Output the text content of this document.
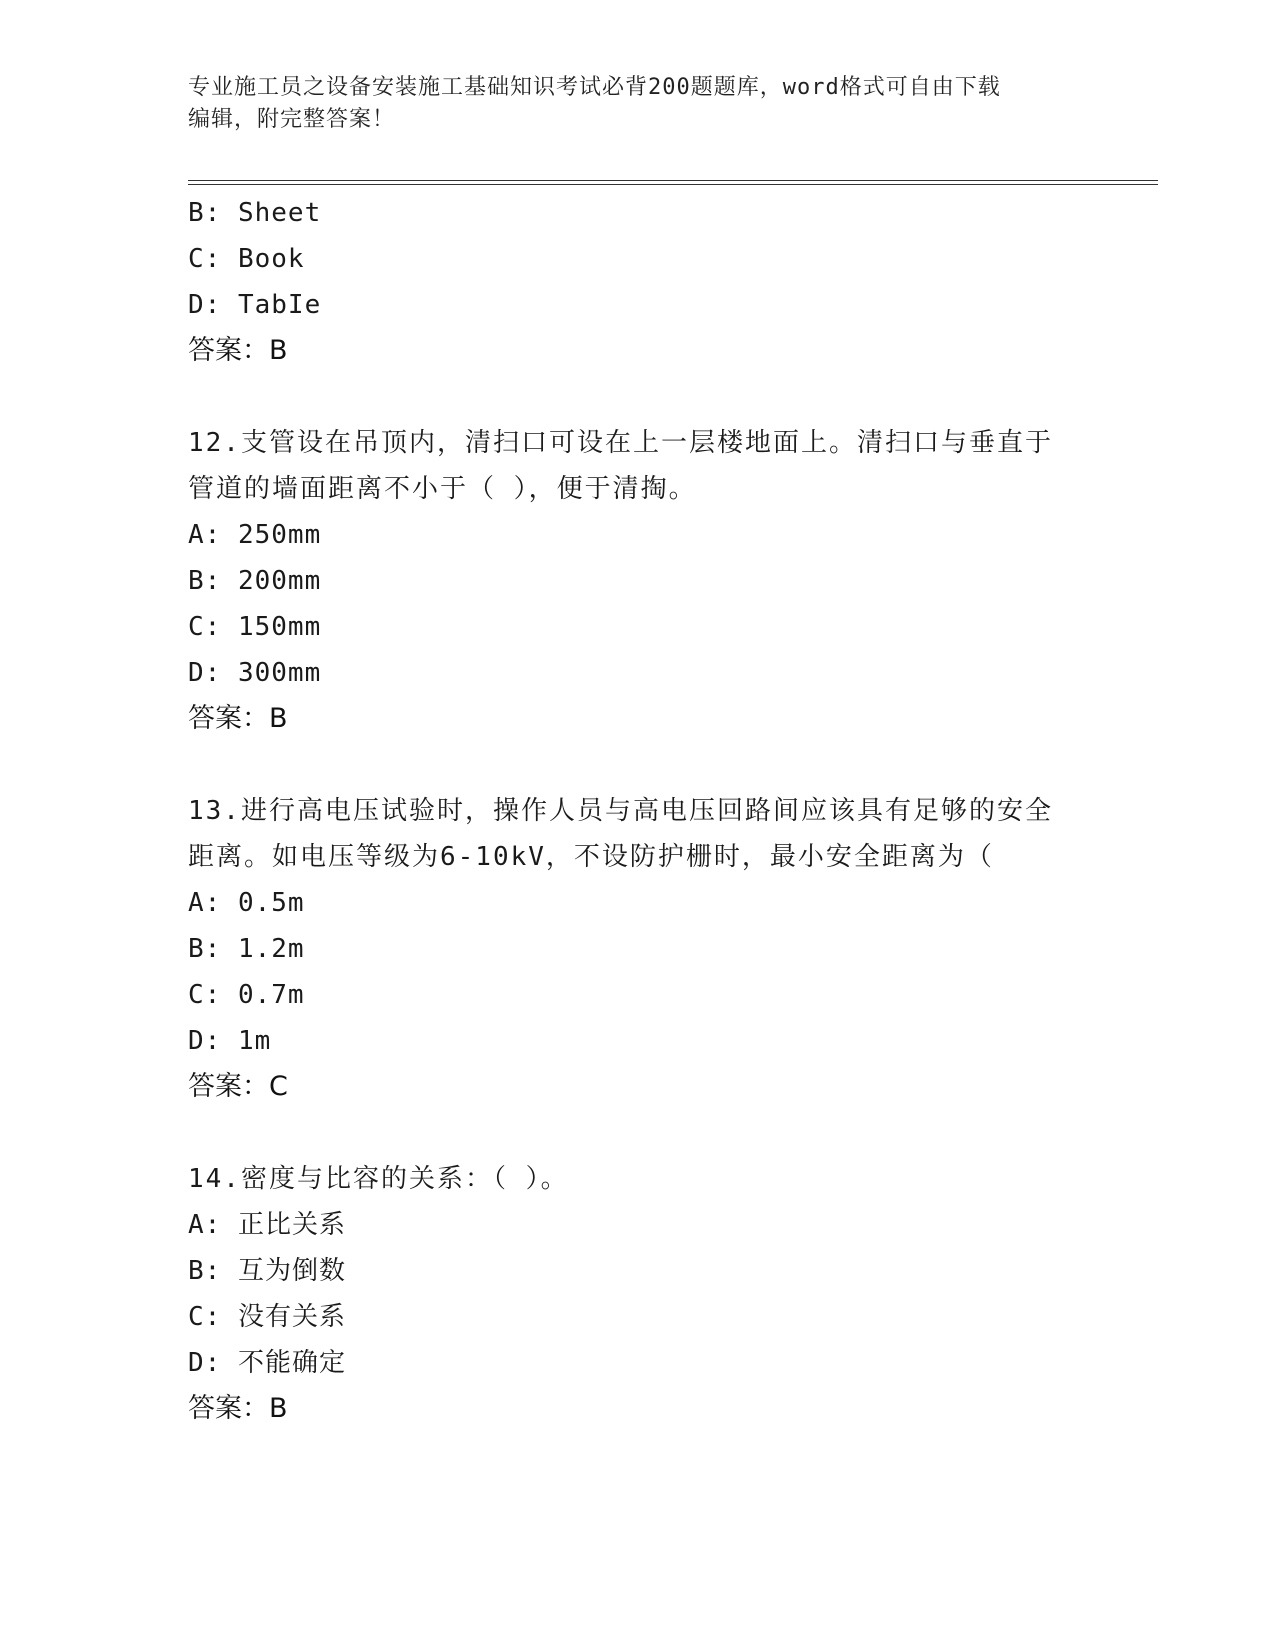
专业施工员之设备安装施工基础知识考试必背200题题库，word格式可自由下载
编辑，附完整答案！
B: Sheet
C: Book
D: TabIe
答案：B
12.支管设在吊顶内，清扫口可设在上一层楼地面上。清扫口与垂直于
管道的墙面距离不小于（ ），便于清掏。
A: 250mm
B: 200mm
C: 150mm
D: 300mm
答案：B
13.进行高电压试验时，操作人员与高电压回路间应该具有足够的安全
距离。如电压等级为6-10kV，不设防护栅时，最小安全距离为（
A: 0.5m
B: 1.2m
C: 0.7m
D: 1m
答案：C
14.密度与比容的关系：（ ）。
A: 正比关系
B: 互为倒数
C: 没有关系
D: 不能确定
答案：B
